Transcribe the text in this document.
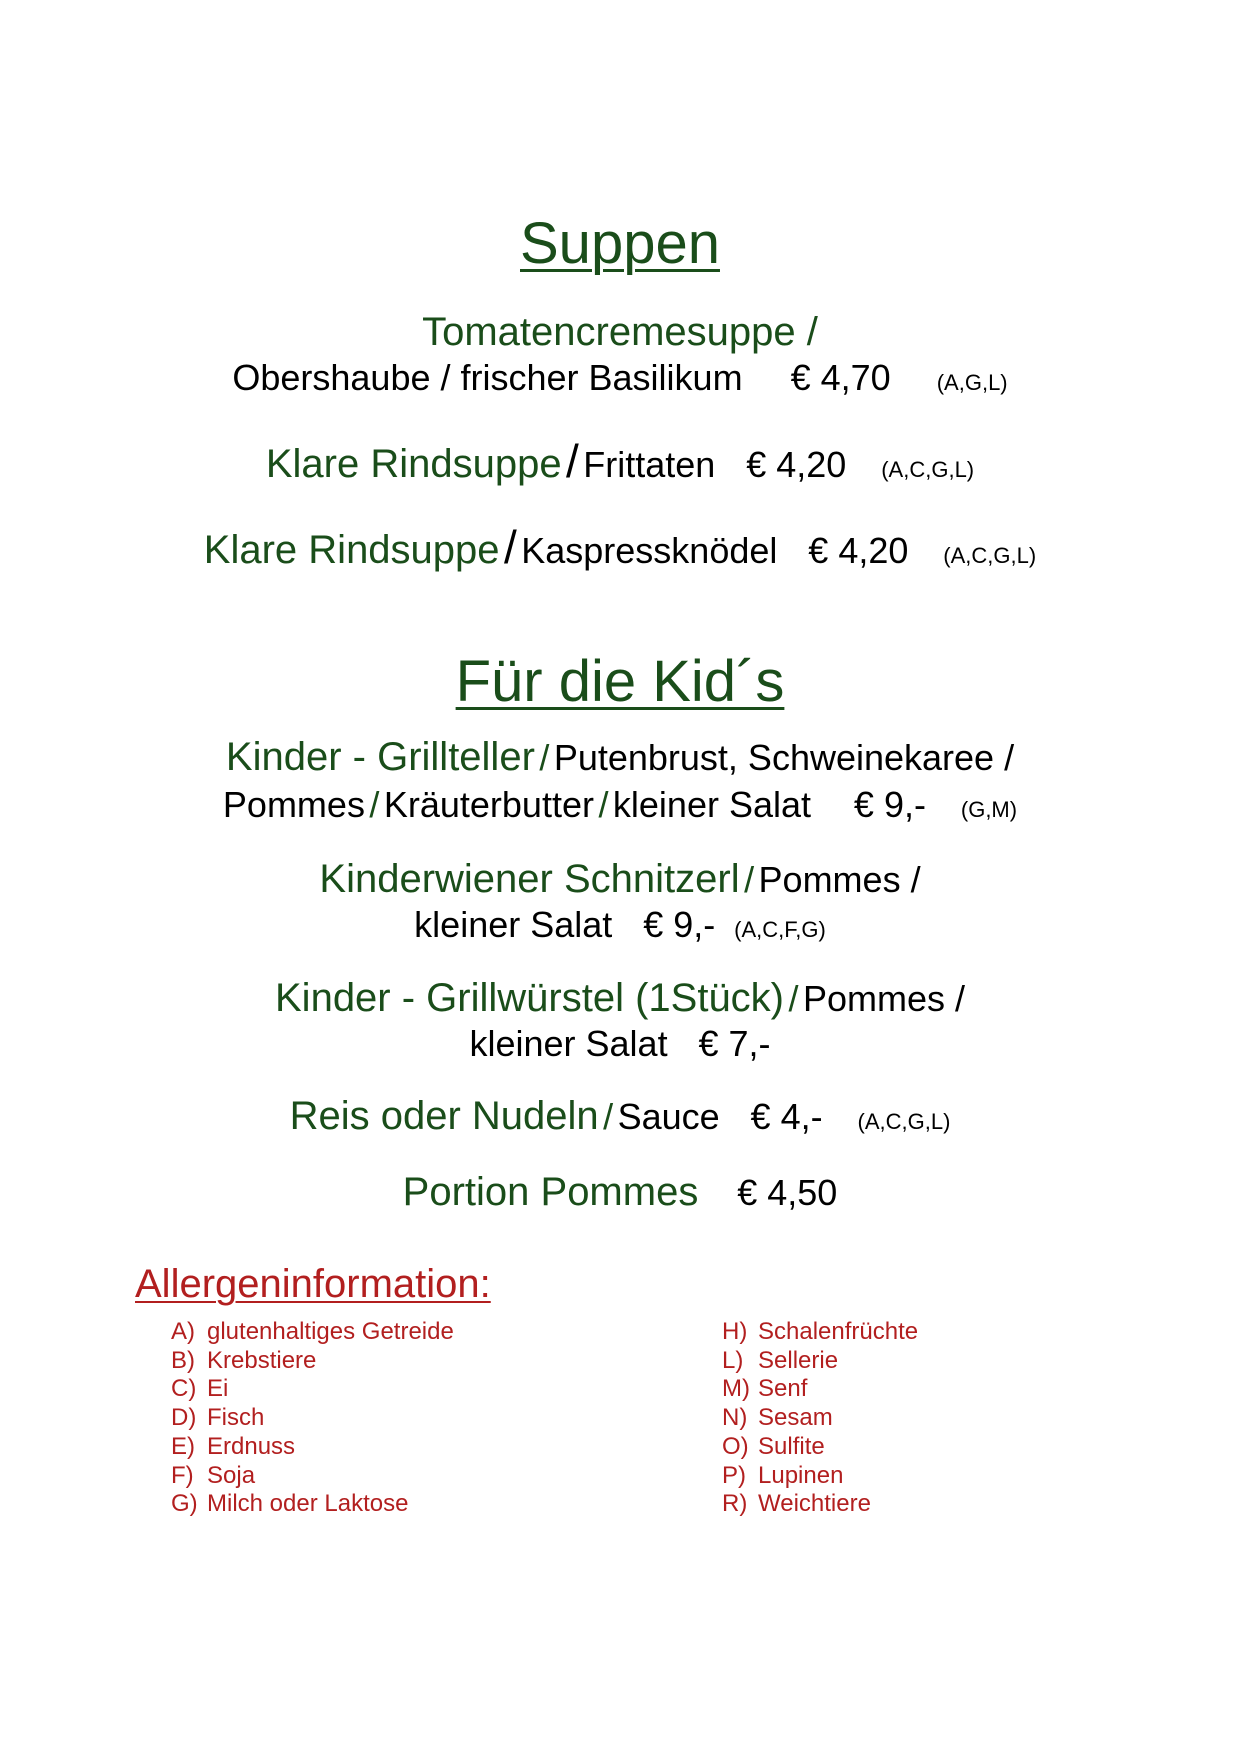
Suppen
Tomatencremesuppe /
Obershaube / frischer Basilikum € 4,70 (A,G,L)
Klare Rindsuppe / Frittaten € 4,20 (A,C,G,L)
Klare Rindsuppe / Kaspressknödel € 4,20 (A,C,G,L)
Für die Kid´s
Kinder - Grillteller / Putenbrust, Schweinekaree /
Pommes / Kräuterbutter / kleiner Salat € 9,- (G,M)
Kinderwiener Schnitzerl / Pommes /
kleiner Salat € 9,- (A,C,F,G)
Kinder - Grillwürstel (1Stück) / Pommes /
kleiner Salat € 7,-
Reis oder Nudeln / Sauce € 4,- (A,C,G,L)
Portion Pommes € 4,50
Allergeninformation:
A) glutenhaltiges Getreide
B) Krebstiere
C) Ei
D) Fisch
E) Erdnuss
F) Soja
G) Milch oder Laktose
H) Schalenfrüchte
L) Sellerie
M) Senf
N) Sesam
O) Sulfite
P) Lupinen
R) Weichtiere
